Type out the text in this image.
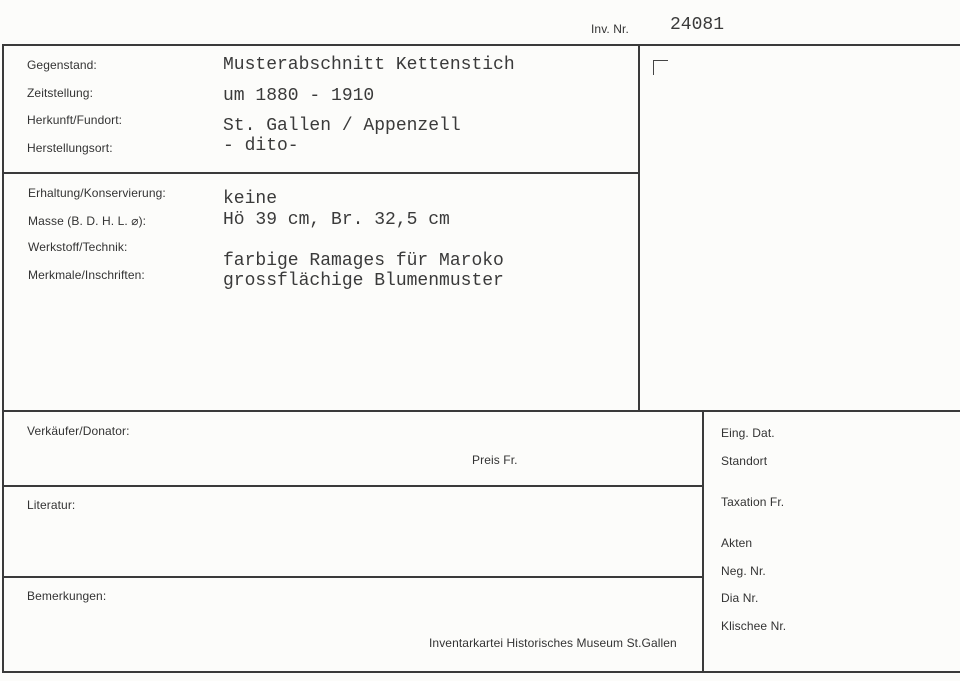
Inv. Nr. 24081
Gegenstand:
Zeitstellung:
Herkunft/Fundort:
Herstellungsort:
Musterabschnitt Kettenstich
um 1880 - 1910
St. Gallen / Appenzell
- dito-
Erhaltung/Konservierung:
Masse (B. D. H. L. ⌀):
Werkstoff/Technik:
Merkmale/Inschriften:
keine
Hö 39 cm, Br. 32,5 cm
farbige Ramages für Maroko
grossflächige Blumenmuster
Verkäufer/Donator:
Preis Fr.
Literatur:
Bemerkungen:
Inventarkartei Historisches Museum St.Gallen
Eing. Dat.
Standort
Taxation Fr.
Akten
Neg. Nr.
Dia Nr.
Klischee Nr.
